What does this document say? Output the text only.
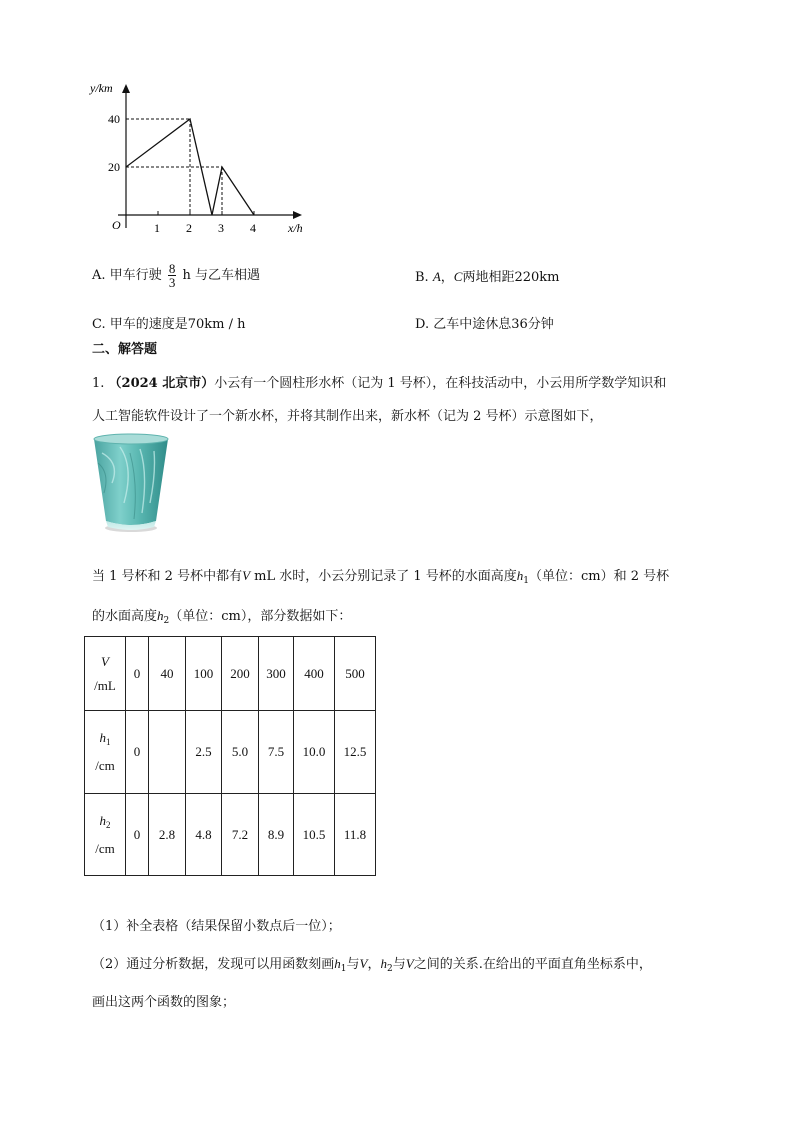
y/km
x/h
O
40
20
1 2 3 4
A. 甲车行驶 $\frac{8}{3}$ h 与乙车相遇	B. A，C两地相距220km
C. 甲车的速度是70km / h	D. 乙车中途休息36分钟
二、解答题
1. （2024 北京市）小云有一个圆柱形水杯（记为 1 号杯），在科技活动中，小云用所学数学知识和
人工智能软件设计了一个新水杯，并将其制作出来，新水杯（记为 2 号杯）示意图如下，
当 1 号杯和 2 号杯中都有V mL 水时，小云分别记录了 1 号杯的水面高度$h_1$（单位：cm）和 2 号杯
的水面高度$h_2$（单位：cm），部分数据如下：
V
/mL	0	40	100	200	300	400	500
$h_1$
/cm	0		2.5	5.0	7.5	10.0	12.5
$h_2$
/cm	0	2.8	4.8	7.2	8.9	10.5	11.8
（1）补全表格（结果保留小数点后一位）；
（2）通过分析数据，发现可以用函数刻画$h_1$与V，$h_2$与V之间的关系.在给出的平面直角坐标系中，
画出这两个函数的图象；
